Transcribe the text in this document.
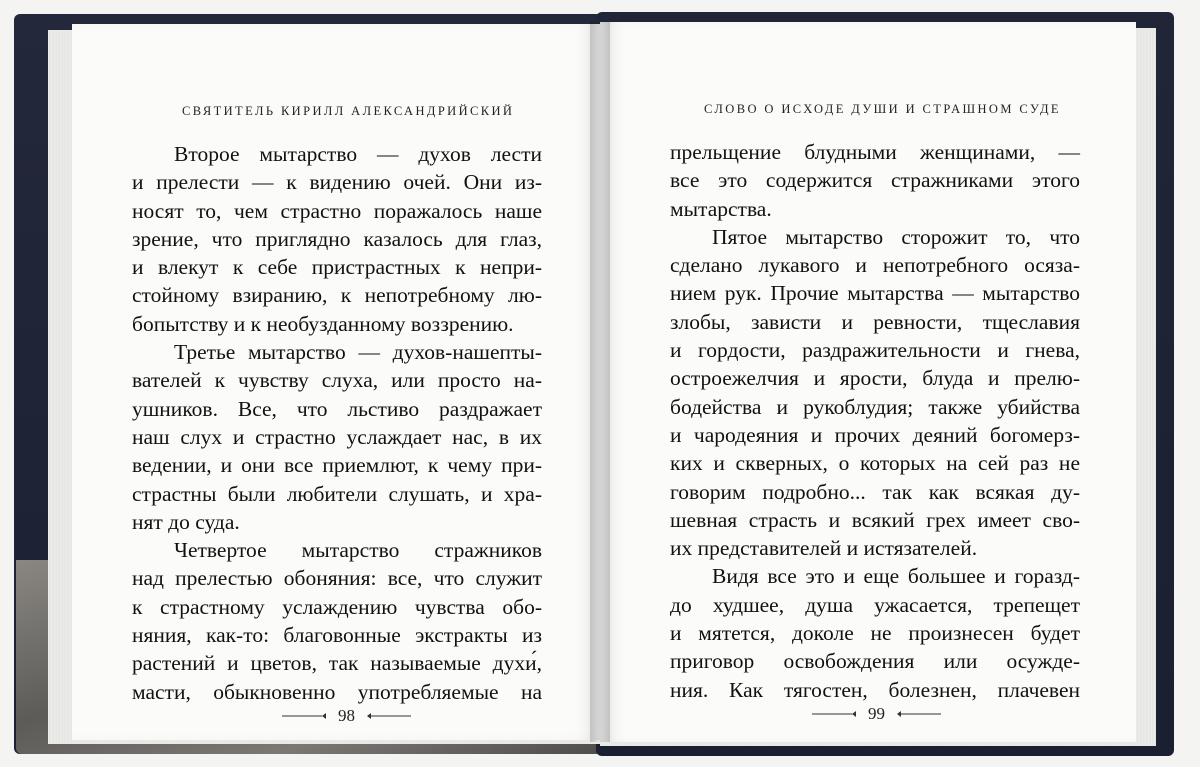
СВЯТИТЕЛЬ КИРИЛЛ АЛЕКСАНДРИЙСКИЙ
Второе мытарство — духов лести
и прелести — к видению очей. Они из-
носят то, чем страстно поражалось наше
зрение, что приглядно казалось для глаз,
и влекут к себе пристрастных к непри-
стойному взиранию, к непотребному лю-
бопытству и к необузданному воззрению.
Третье мытарство — духов-нашепты-
вателей к чувству слуха, или просто на-
ушников. Все, что льстиво раздражает
наш слух и страстно услаждает нас, в их
ведении, и они все приемлют, к чему при-
страстны были любители слушать, и хра-
нят до суда.
Четвертое мытарство стражников
над прелестью обоняния: все, что служит
к страстному услаждению чувства обо-
няния, как-то: благовонные экстракты из
растений и цветов, так называемые духи́,
масти, обыкновенно употребляемые на
98
СЛОВО О ИСХОДЕ ДУШИ И СТРАШНОМ СУДЕ
прельщение блудными женщинами, —
все это содержится стражниками этого
мытарства.
Пятое мытарство сторожит то, что
сделано лукавого и непотребного осяза-
нием рук. Прочие мытарства — мытарство
злобы, зависти и ревности, тщеславия
и гордости, раздражительности и гнева,
остроежелчия и ярости, блуда и прелю-
бодейства и рукоблудия; также убийства
и чародеяния и прочих деяний богомерз-
ких и скверных, о которых на сей раз не
говорим подробно... так как всякая ду-
шевная страсть и всякий грех имеет сво-
их представителей и истязателей.
Видя все это и еще большее и горазд-
до худшее, душа ужасается, трепещет
и мятется, доколе не произнесен будет
приговор освобождения или осужде-
ния. Как тягостен, болезнен, плачевен
99
